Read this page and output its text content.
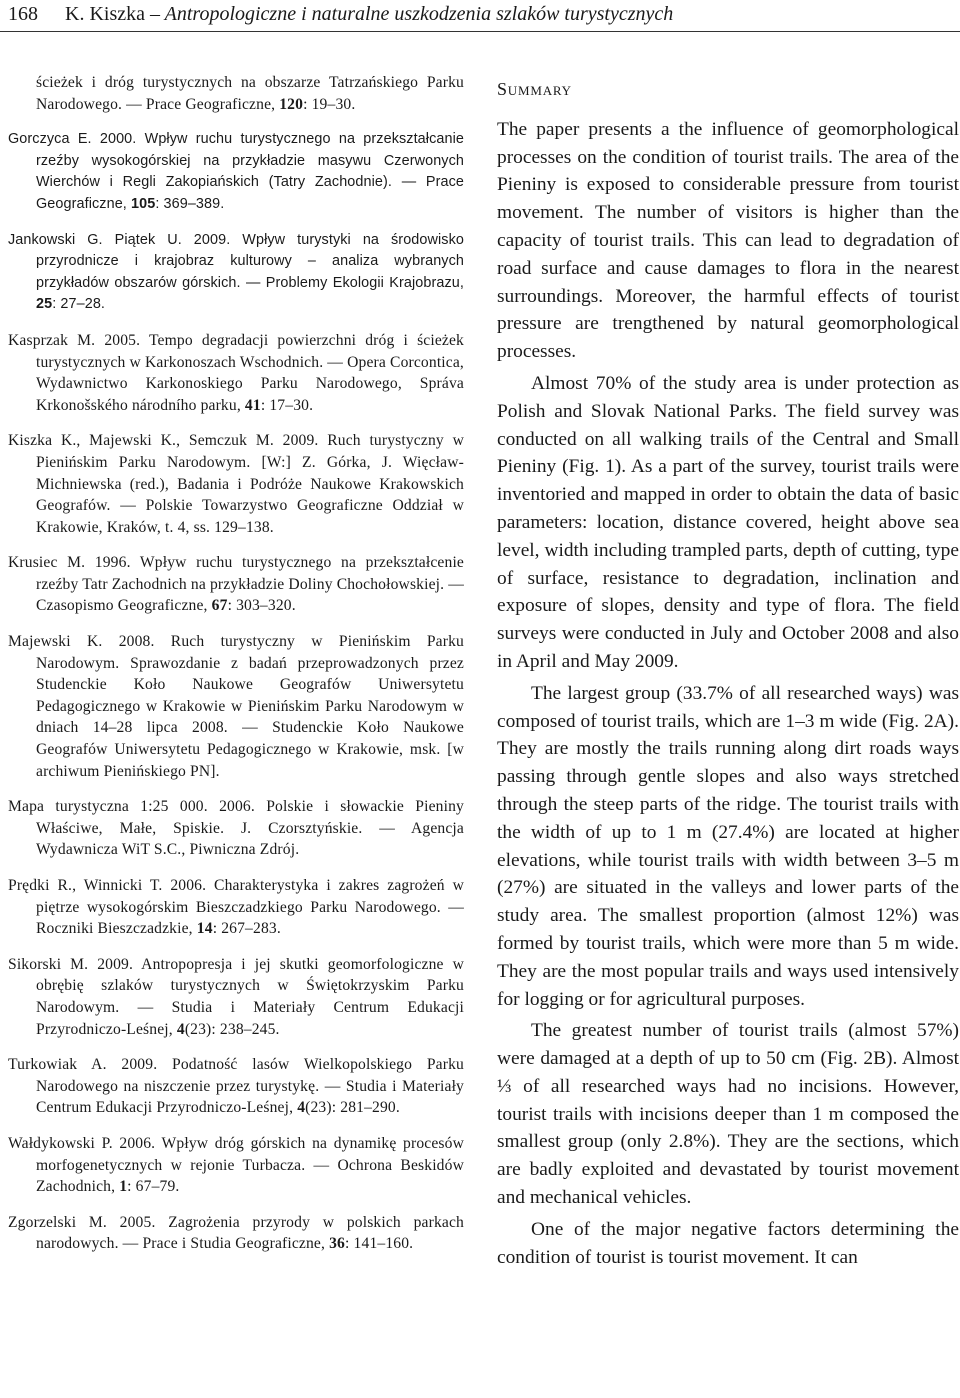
168 K. Kiszka – Antropologiczne i naturalne uszkodzenia szlaków turystycznych

ścieżek i dróg turystycznych na obszarze Tatrzańskiego Parku Narodowego. — Prace Geograficzne, 120: 19–30.

Gorczyca E. 2000. Wpływ ruchu turystycznego na przekształcanie rzeźby wysokogórskiej na przykładzie masywu Czerwonych Wierchów i Regli Zakopiańskich (Tatry Zachodnie). — Prace Geograficzne, 105: 369–389.

Jankowski G. Piątek U. 2009. Wpływ turystyki na środowisko przyrodnicze i krajobraz kulturowy – analiza wybranych przykładów obszarów górskich. — Problemy Ekologii Krajobrazu, 25: 27–28.

Kasprzak M. 2005. Tempo degradacji powierzchni dróg i ścieżek turystycznych w Karkonoszach Wschodnich. — Opera Corcontica, Wydawnictwo Karkonoskiego Parku Narodowego, Správa Krkonošského národního parku, 41: 17–30.

Kiszka K., Majewski K., Semczuk M. 2009. Ruch turystyczny w Pienińskim Parku Narodowym. [W:] Z. Górka, J. Więcław-Michniewska (red.), Badania i Podróże Naukowe Krakowskich Geografów. — Polskie Towarzystwo Geograficzne Oddział w Krakowie, Kraków, t. 4, ss. 129–138.

Krusiec M. 1996. Wpływ ruchu turystycznego na przekształcenie rzeźby Tatr Zachodnich na przykładzie Doliny Chochołowskiej. — Czasopismo Geograficzne, 67: 303–320.

Majewski K. 2008. Ruch turystyczny w Pienińskim Parku Narodowym. Sprawozdanie z badań przeprowadzonych przez Studenckie Koło Naukowe Geografów Uniwersytetu Pedagogicznego w Krakowie w Pienińskim Parku Narodowym w dniach 14–28 lipca 2008. — Studenckie Koło Naukowe Geografów Uniwersytetu Pedagogicznego w Krakowie, msk. [w archiwum Pienińskiego PN].

Mapa turystyczna 1:25 000. 2006. Polskie i słowackie Pieniny Właściwe, Małe, Spiskie. J. Czorsztyńskie. — Agencja Wydawnicza WiT S.C., Piwniczna Zdrój.

Prędki R., Winnicki T. 2006. Charakterystyka i zakres zagrożeń w piętrze wysokogórskim Bieszczadzkiego Parku Narodowego. — Roczniki Bieszczadzkie, 14: 267–283.

Sikorski M. 2009. Antropopresja i jej skutki geomorfologiczne w obrębię szlaków turystycznych w Świętokrzyskim Parku Narodowym. — Studia i Materiały Centrum Edukacji Przyrodniczo-Leśnej, 4(23): 238–245.

Turkowiak A. 2009. Podatność lasów Wielkopolskiego Parku Narodowego na niszczenie przez turystykę. — Studia i Materiały Centrum Edukacji Przyrodniczo-Leśnej, 4(23): 281–290.

Wałdykowski P. 2006. Wpływ dróg górskich na dynamikę procesów morfogenetycznych w rejonie Turbacza. — Ochrona Beskidów Zachodnich, 1: 67–79.

Zgorzelski M. 2005. Zagrożenia przyrody w polskich parkach narodowych. — Prace i Studia Geograficzne, 36: 141–160.

Summary

The paper presents a the influence of geomorphological processes on the condition of tourist trails. The area of the Pieniny is exposed to considerable pressure from tourist movement. The number of visitors is higher than the capacity of tourist trails. This can lead to degradation of road surface and cause damages to flora in the nearest surroundings. Moreover, the harmful effects of tourist pressure are trengthened by natural geomorphological processes.

Almost 70% of the study area is under protection as Polish and Slovak National Parks. The field survey was conducted on all walking trails of the Central and Small Pieniny (Fig. 1). As a part of the survey, tourist trails were inventoried and mapped in order to obtain the data of basic parameters: location, distance covered, height above sea level, width including trampled parts, depth of cutting, type of surface, resistance to degradation, inclination and exposure of slopes, density and type of flora. The field surveys were conducted in July and October 2008 and also in April and May 2009.

The largest group (33.7% of all researched ways) was composed of tourist trails, which are 1–3 m wide (Fig. 2A). They are mostly the trails running along dirt roads ways passing through gentle slopes and also ways stretched through the steep parts of the ridge. The tourist trails with the width of up to 1 m (27.4%) are located at higher elevations, while tourist trails with width between 3–5 m (27%) are situated in the valleys and lower parts of the study area. The smallest proportion (almost 12%) was formed by tourist trails, which were more than 5 m wide. They are the most popular trails and ways used intensively for logging or for agricultural purposes.

The greatest number of tourist trails (almost 57%) were damaged at a depth of up to 50 cm (Fig. 2B). Almost ⅓ of all researched ways had no incisions. However, tourist trails with incisions deeper than 1 m composed the smallest group (only 2.8%). They are the sections, which are badly exploited and devastated by tourist movement and mechanical vehicles.

One of the major negative factors determining the condition of tourist is tourist movement. It can
